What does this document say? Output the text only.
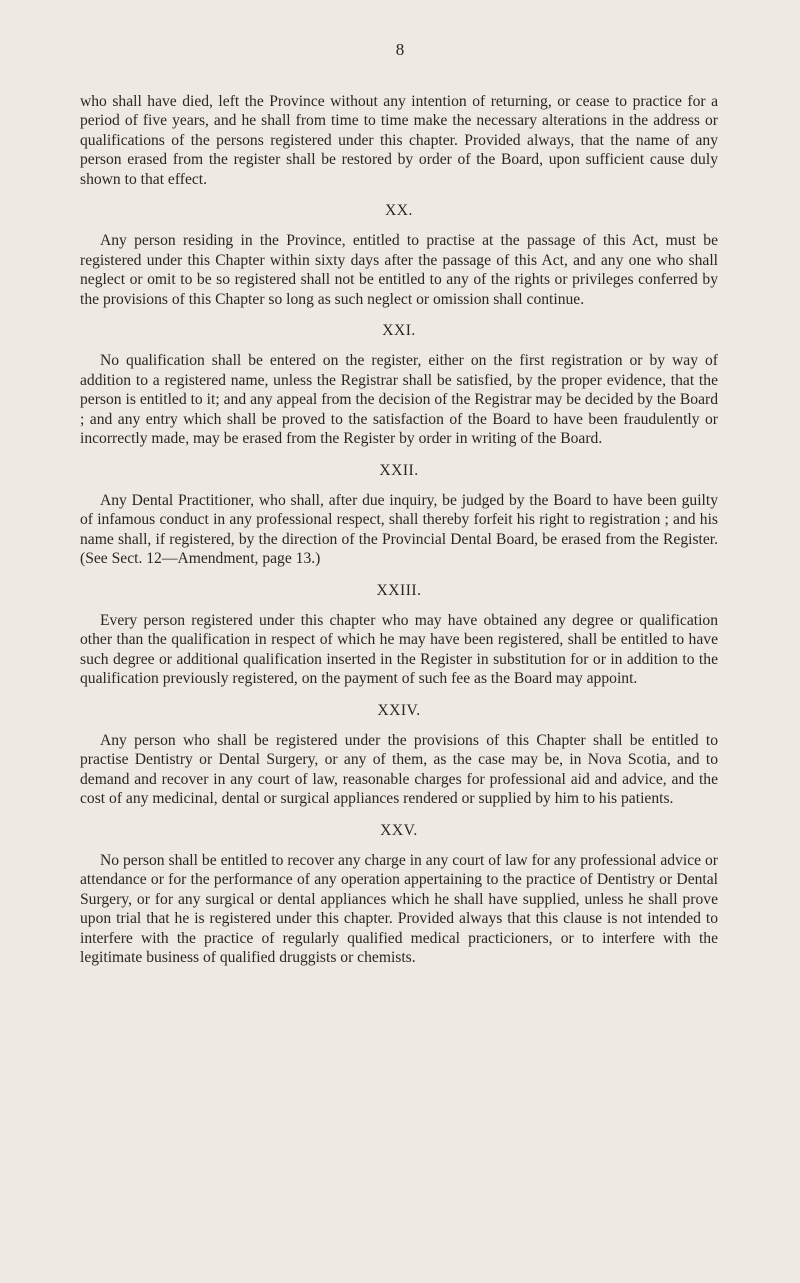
8

who shall have died, left the Province without any intention of returning, or cease to practice for a period of five years, and he shall from time to time make the necessary alterations in the address or qualifications of the persons registered under this chapter. Provided always, that the name of any person erased from the register shall be restored by order of the Board, upon sufficient cause duly shown to that effect.

XX.

Any person residing in the Province, entitled to practise at the passage of this Act, must be registered under this Chapter within sixty days after the passage of this Act, and any one who shall neglect or omit to be so registered shall not be entitled to any of the rights or privileges conferred by the provisions of this Chapter so long as such neglect or omission shall continue.

XXI.

No qualification shall be entered on the register, either on the first registration or by way of addition to a registered name, unless the Registrar shall be satisfied, by the proper evidence, that the person is entitled to it; and any appeal from the decision of the Registrar may be decided by the Board ; and any entry which shall be proved to the satisfaction of the Board to have been fraudulently or incorrectly made, may be erased from the Register by order in writing of the Board.

XXII.

Any Dental Practitioner, who shall, after due inquiry, be judged by the Board to have been guilty of infamous conduct in any professional respect, shall thereby forfeit his right to registration ; and his name shall, if registered, by the direction of the Provincial Dental Board, be erased from the Register. (See Sect. 12—Amendment, page 13.)

XXIII.

Every person registered under this chapter who may have obtained any degree or qualification other than the qualification in respect of which he may have been registered, shall be entitled to have such degree or additional qualification inserted in the Register in substitution for or in addition to the qualification previously registered, on the payment of such fee as the Board may appoint.

XXIV.

Any person who shall be registered under the provisions of this Chapter shall be entitled to practise Dentistry or Dental Surgery, or any of them, as the case may be, in Nova Scotia, and to demand and recover in any court of law, reasonable charges for professional aid and advice, and the cost of any medicinal, dental or surgical appliances rendered or supplied by him to his patients.

XXV.

No person shall be entitled to recover any charge in any court of law for any professional advice or attendance or for the performance of any operation appertaining to the practice of Dentistry or Dental Surgery, or for any surgical or dental appliances which he shall have supplied, unless he shall prove upon trial that he is registered under this chapter. Provided always that this clause is not intended to interfere with the practice of regularly qualified medical practicioners, or to interfere with the legitimate business of qualified druggists or chemists.
